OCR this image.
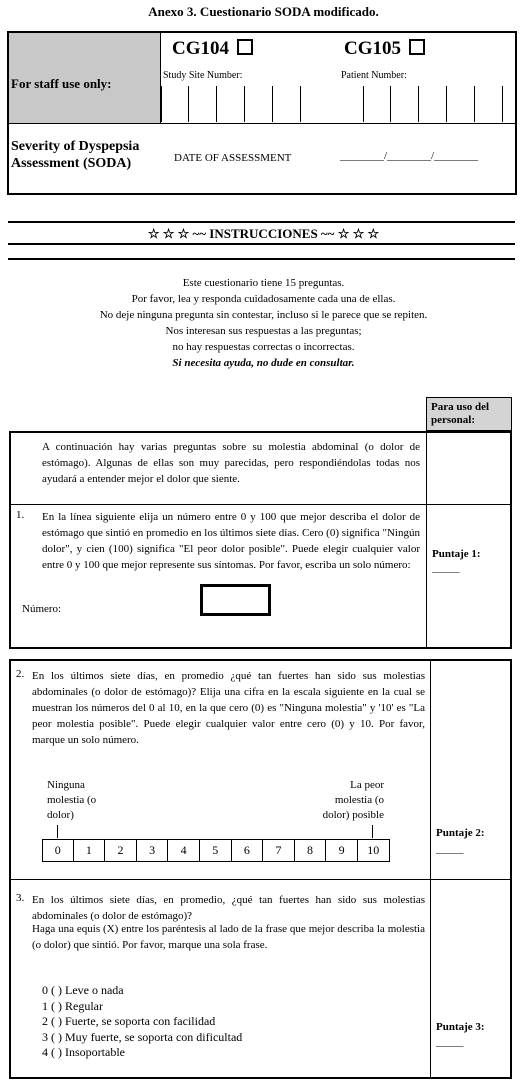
Anexo 3. Cuestionario SODA modificado.
For staff use only:
CG104	CG105
Study Site Number:	Patient Number:
Severity of Dyspepsia
Assessment (SODA)	DATE OF ASSESSMENT	________/________/________
☆ ☆ ☆ ~~ INSTRUCCIONES ~~ ☆ ☆ ☆
Este cuestionario tiene 15 preguntas.
Por favor, lea y responda cuidadosamente cada una de ellas.
No deje ninguna pregunta sin contestar, incluso si le parece que se repiten.
Nos interesan sus respuestas a las preguntas;
no hay respuestas correctas o incorrectas.
Si necesita ayuda, no dude en consultar.
Para uso del
personal:
A continuación hay varias preguntas sobre su molestia abdominal (o dolor de estómago). Algunas de ellas son muy parecidas, pero respondiéndolas todas nos ayudará a entender mejor el dolor que siente.
1. En la línea siguiente elija un número entre 0 y 100 que mejor describa el dolor de estómago que sintió en promedio en los últimos siete días. Cero (0) significa "Ningún dolor", y cien (100) significa "El peor dolor posible". Puede elegir cualquier valor entre 0 y 100 que mejor represente sus síntomas. Por favor, escriba un solo número:
Número:
Puntaje 1:
_____
2. En los últimos siete días, en promedio ¿qué tan fuertes han sido sus molestias abdominales (o dolor de estómago)? Elija una cifra en la escala siguiente en la cual se muestran los números del 0 al 10, en la que cero (0) es "Ninguna molestia" y '10' es "La peor molestia posible". Puede elegir cualquier valor entre cero (0) y 10. Por favor, marque un solo número.
Ninguna
molestia (o
dolor)
La peor
molestia (o
dolor) posible
0	1	2	3	4	5	6	7	8	9	10
Puntaje 2:
_____
3. En los últimos siete días, en promedio, ¿qué tan fuertes han sido sus molestias abdominales (o dolor de estómago)?
Haga una equis (X) entre los paréntesis al lado de la frase que mejor describa la molestia (o dolor) que sintió. Por favor, marque una sola frase.
0 ( ) Leve o nada
1 ( ) Regular
2 ( ) Fuerte, se soporta con facilidad
3 ( ) Muy fuerte, se soporta con dificultad
4 ( ) Insoportable
Puntaje 3:
_____
